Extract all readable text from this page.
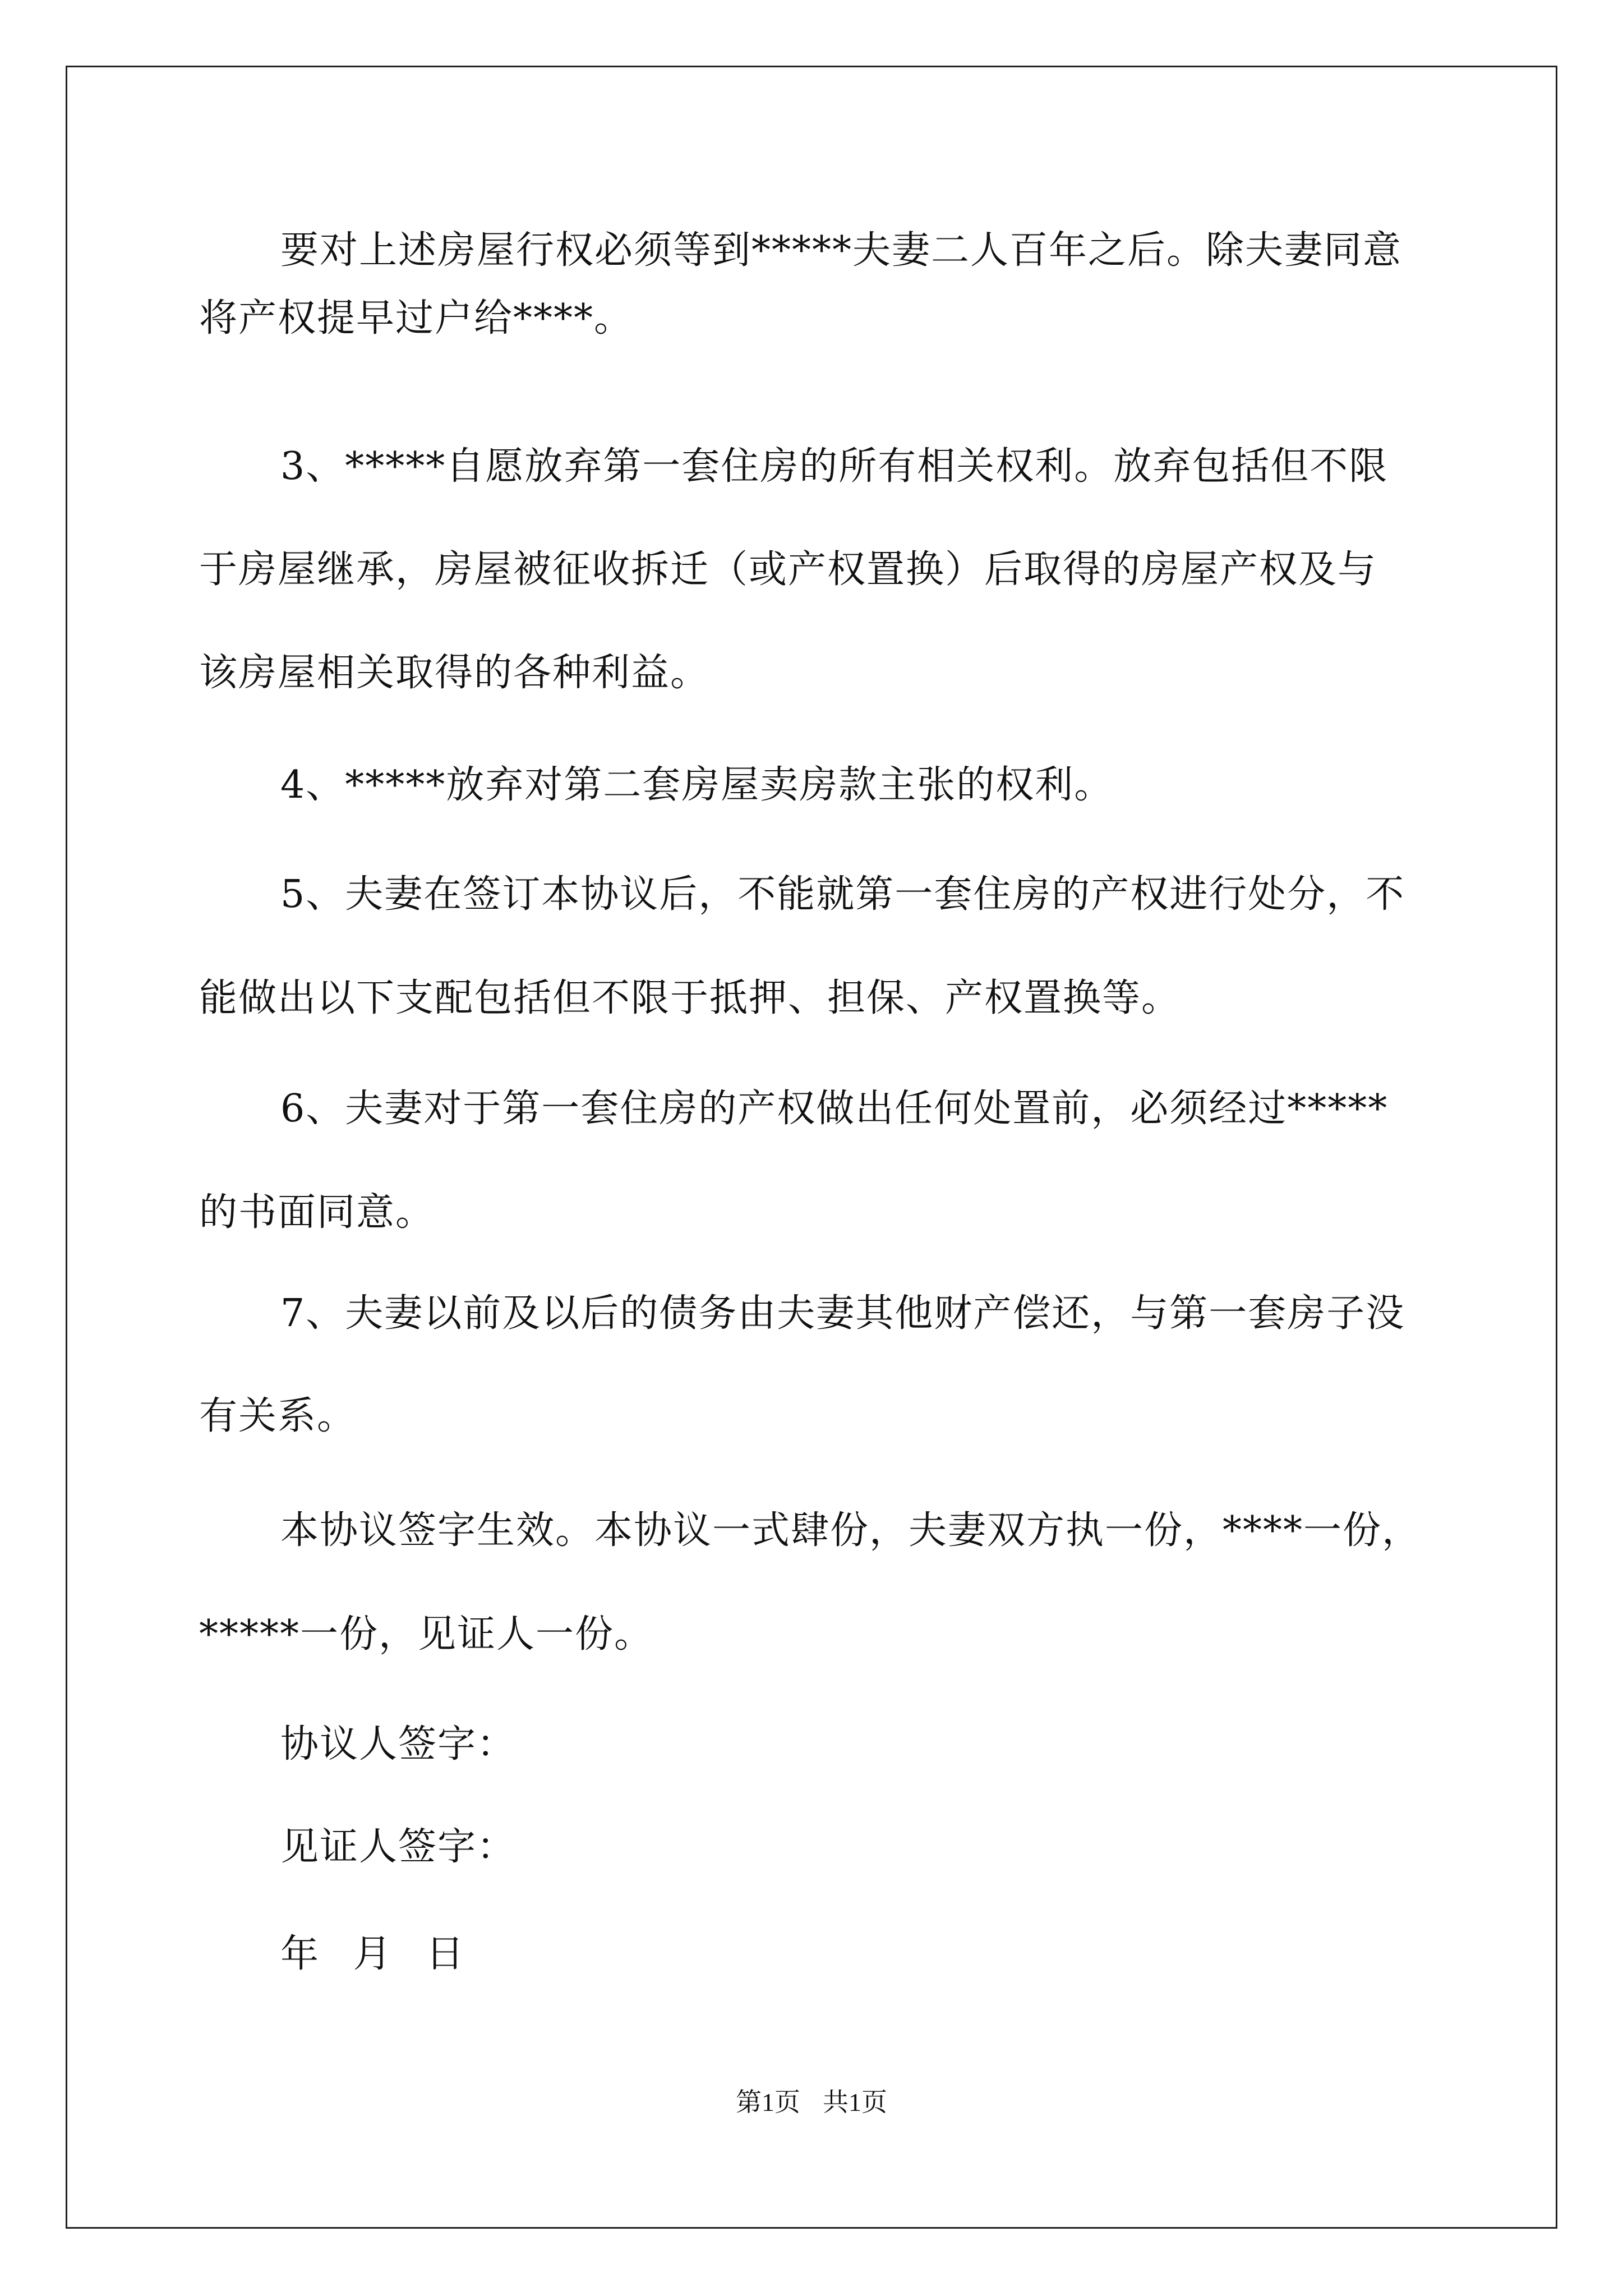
要对上述房屋行权必须等到*****夫妻二人百年之后。除夫妻同意
将产权提早过户给****。
3、*****自愿放弃第一套住房的所有相关权利。放弃包括但不限
于房屋继承，房屋被征收拆迁（或产权置换）后取得的房屋产权及与
该房屋相关取得的各种利益。
4、*****放弃对第二套房屋卖房款主张的权利。
5、夫妻在签订本协议后，不能就第一套住房的产权进行处分，不
能做出以下支配包括但不限于抵押、担保、产权置换等。
6、夫妻对于第一套住房的产权做出任何处置前，必须经过*****
的书面同意。
7、夫妻以前及以后的债务由夫妻其他财产偿还，与第一套房子没
有关系。
本协议签字生效。本协议一式肆份，夫妻双方执一份，****一份，
*****一份，见证人一份。
协议人签字：
见证人签字：
年 月 日
第1页 共1页
